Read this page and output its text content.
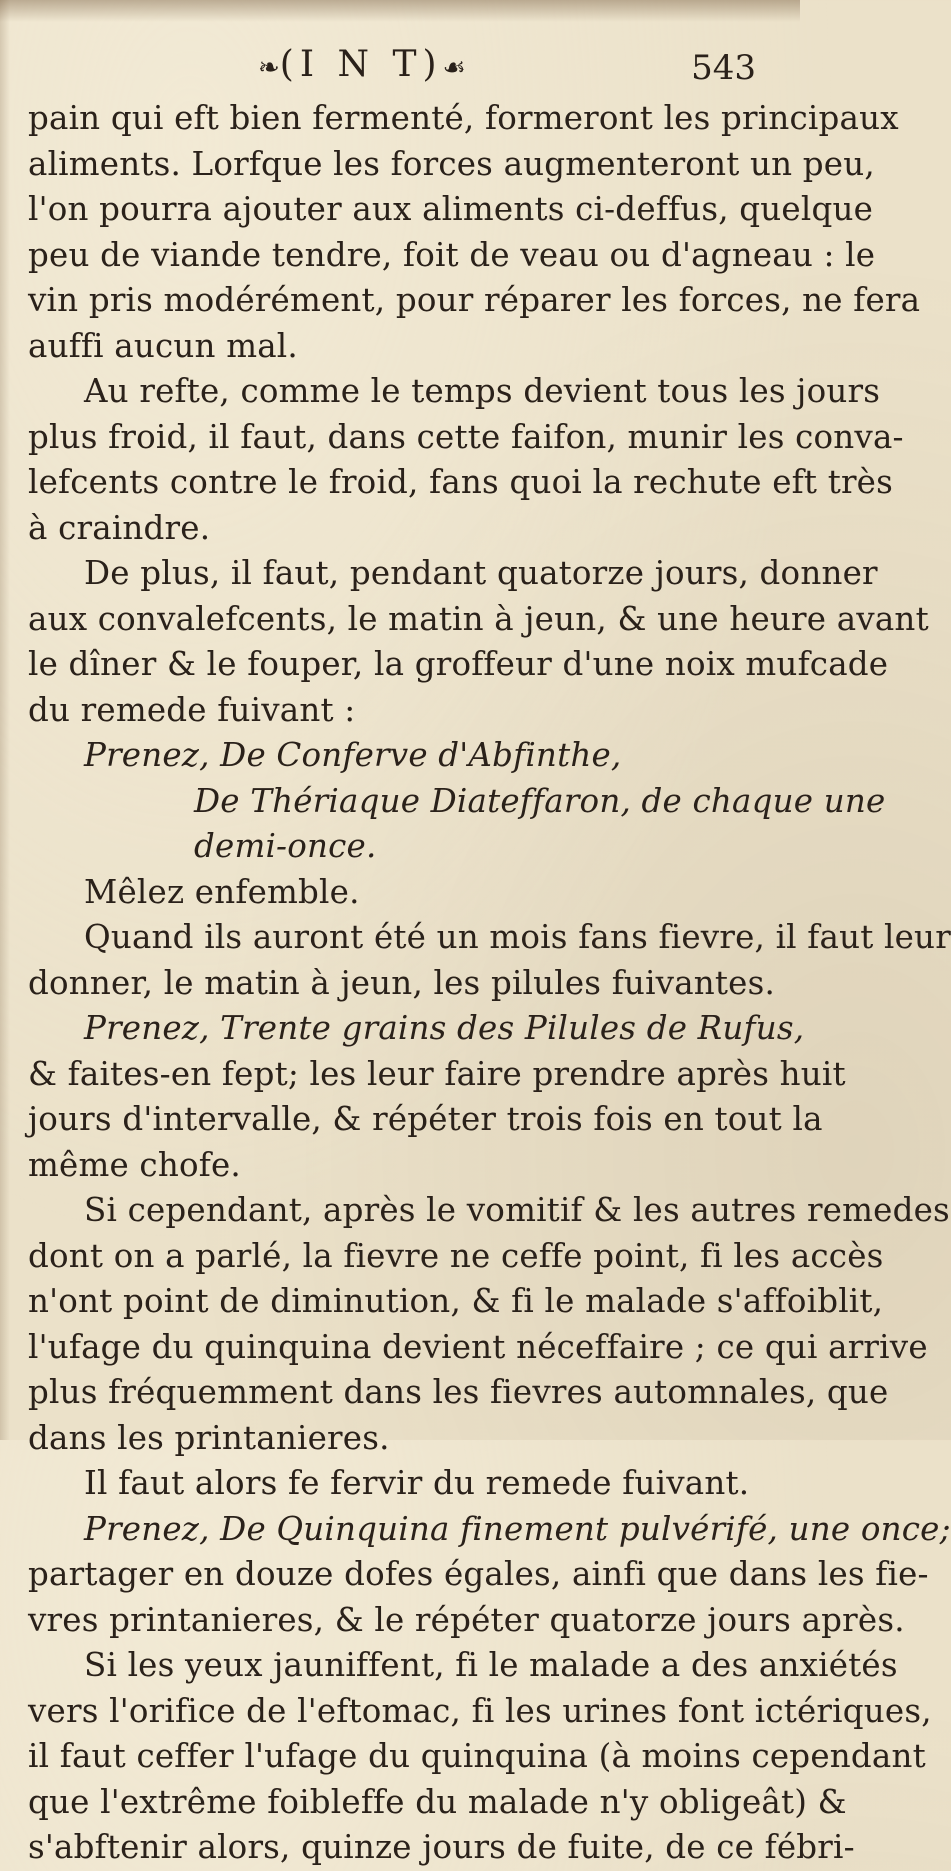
❧(I N T)☙	543
pain qui eft bien fermenté, formeront les principaux
aliments. Lorfque les forces augmenteront un peu,
l'on pourra ajouter aux aliments ci-deffus, quelque
peu de viande tendre, foit de veau ou d'agneau : le
vin pris modérément, pour réparer les forces, ne fera
auffi aucun mal.
Au refte, comme le temps devient tous les jours
plus froid, il faut, dans cette faifon, munir les conva-
lefcents contre le froid, fans quoi la rechute eft très
à craindre.
De plus, il faut, pendant quatorze jours, donner
aux convalefcents, le matin à jeun, & une heure avant
le dîner & le fouper, la groffeur d'une noix mufcade
du remede fuivant :
Prenez, De Conferve d'Abfinthe,
De Thériaque Diateffaron, de chaque une
demi-once.
Mêlez enfemble.
Quand ils auront été un mois fans fievre, il faut leur
donner, le matin à jeun, les pilules fuivantes.
Prenez, Trente grains des Pilules de Rufus,
& faites-en fept; les leur faire prendre après huit
jours d'intervalle, & répéter trois fois en tout la
même chofe.
Si cependant, après le vomitif & les autres remedes
dont on a parlé, la fievre ne ceffe point, fi les accès
n'ont point de diminution, & fi le malade s'affoiblit,
l'ufage du quinquina devient néceffaire ; ce qui arrive
plus fréquemment dans les fievres automnales, que
dans les printanieres.
Il faut alors fe fervir du remede fuivant.
Prenez, De Quinquina finement pulvérifé, une once;
partager en douze dofes égales, ainfi que dans les fie-
vres printanieres, & le répéter quatorze jours après.
Si les yeux jauniffent, fi le malade a des anxiétés
vers l'orifice de l'eftomac, fi les urines font ictériques,
il faut ceffer l'ufage du quinquina (à moins cependant
que l'extrême foibleffe du malade n'y obligeât) &
s'abftenir alors, quinze jours de fuite, de ce fébri-
